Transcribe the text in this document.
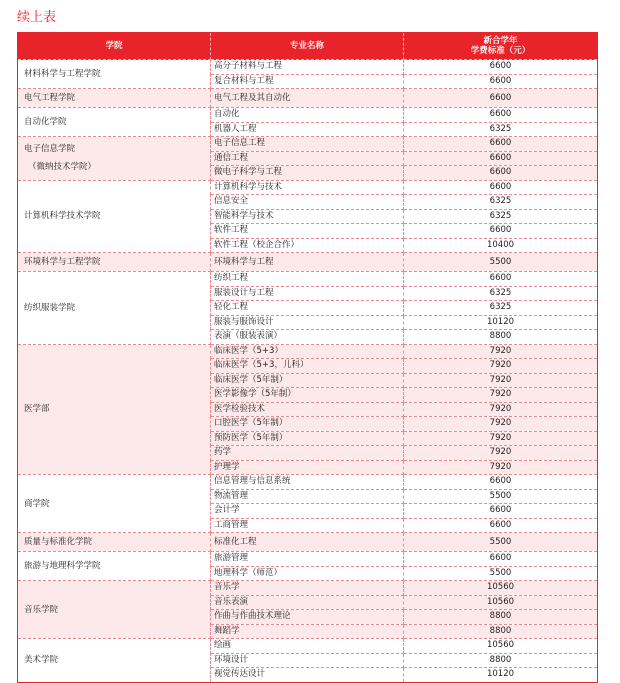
续上表
学院	专业名称	新合学年
学费标准（元）

材料科学与工程学院	高分子材料与工程	6600
	复合材料与工程	6600

电气工程学院	电气工程及其自动化	6600

自动化学院	自动化	6600
	机器人工程	6325

电子信息学院
（微纳技术学院）	电子信息工程	6600
	通信工程	6600
	微电子科学与工程	6600

计算机科学技术学院	计算机科学与技术	6600
	信息安全	6325
	智能科学与技术	6325
	软件工程	6600
	软件工程（校企合作）	10400

环境科学与工程学院	环境科学与工程	5500

纺织服装学院	纺织工程	6600
	服装设计与工程	6325
	轻化工程	6325
	服装与服饰设计	10120
	表演（服装表演）	8800

医学部	临床医学（5+3）	7920
	临床医学（5+3，儿科）	7920
	临床医学（5年制）	7920
	医学影像学（5年制）	7920
	医学检验技术	7920
	口腔医学（5年制）	7920
	预防医学（5年制）	7920
	药学	7920
	护理学	7920

商学院	信息管理与信息系统	6600
	物流管理	5500
	会计学	6600
	工商管理	6600

质量与标准化学院	标准化工程	5500

旅游与地理科学学院	旅游管理	6600
	地理科学（师范）	5500

音乐学院	音乐学	10560
	音乐表演	10560
	作曲与作曲技术理论	8800
	舞蹈学	8800

美术学院	绘画	10560
	环境设计	8800
	视觉传达设计	10120
